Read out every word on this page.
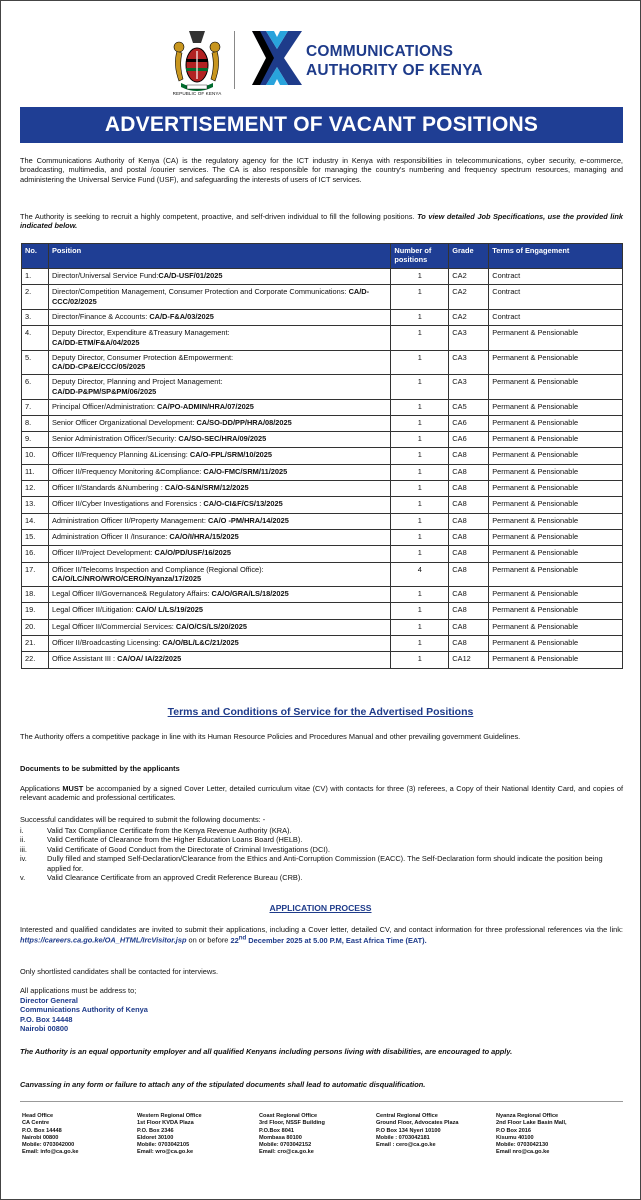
REPUBLIC OF KENYA
COMMUNICATIONS
AUTHORITY OF KENYA
ADVERTISEMENT OF VACANT POSITIONS
The Communications Authority of Kenya (CA) is the regulatory agency for the ICT industry in Kenya with responsibilities in telecommunications, cyber security, e-commerce, broadcasting, multimedia, and postal /courier services. The CA is also responsible for managing the country's numbering and frequency spectrum resources, managing and administering the Universal Service Fund (USF), and safeguarding the interests of users of ICT services.
The Authority is seeking to recruit a highly competent, proactive, and self-driven individual to fill the following positions. To view detailed Job Specifications, use the provided link indicated below.
No.	Position	Number of positions	Grade	Terms of Engagement
1.	Director/Universal Service Fund:CA/D-USF/01/2025	1	CA2	Contract
2.	Director/Competition Management, Consumer Protection and Corporate Communications: CA/D-CCC/02/2025	1	CA2	Contract
3.	Director/Finance & Accounts: CA/D-F&A/03/2025	1	CA2	Contract
4.	Deputy Director, Expenditure &Treasury Management:
CA/DD-ETM/F&A/04/2025	1	CA3	Permanent & Pensionable
5.	Deputy Director, Consumer Protection &Empowerment:
CA/DD-CP&E/CCC/05/2025	1	CA3	Permanent & Pensionable
6.	Deputy Director, Planning and Project Management:
CA/DD-P&PM/SP&PM/06/2025	1	CA3	Permanent & Pensionable
7.	Principal Officer/Administration: CA/PO-ADMIN/HRA/07/2025	1	CA5	Permanent & Pensionable
8.	Senior Officer Organizational Development: CA/SO-DD/PP/HRA/08/2025	1	CA6	Permanent & Pensionable
9.	Senior Administration Officer/Security: CA/SO-SEC/HRA/09/2025	1	CA6	Permanent & Pensionable
10.	Officer II/Frequency Planning &Licensing: CA/O-FPL/SRM/10/2025	1	CA8	Permanent & Pensionable
11.	Officer II/Frequency Monitoring &Compliance: CA/O-FMC/SRM/11/2025	1	CA8	Permanent & Pensionable
12.	Officer II/Standards &Numbering : CA/O-S&N/SRM/12/2025	1	CA8	Permanent & Pensionable
13.	Officer II/Cyber Investigations and Forensics : CA/O-CI&F/CS/13/2025	1	CA8	Permanent & Pensionable
14.	Administration Officer II/Property Management: CA/O -PM/HRA/14/2025	1	CA8	Permanent & Pensionable
15.	Administration Officer II /Insurance: CA/O/I/HRA/15/2025	1	CA8	Permanent & Pensionable
16.	Officer II/Project Development: CA/O/PD/USF/16/2025	1	CA8	Permanent & Pensionable
17.	Officer II/Telecoms Inspection and Compliance (Regional Office):
CA/O/LC/NRO/WRO/CERO/Nyanza/17/2025	4	CA8	Permanent & Pensionable
18.	Legal Officer II/Governance& Regulatory Affairs: CA/O/GRA/LS/18/2025	1	CA8	Permanent & Pensionable
19.	Legal Officer II/Litigation: CA/O/ L/LS/19/2025	1	CA8	Permanent & Pensionable
20.	Legal Officer II/Commercial Services: CA/O/CS/LS/20/2025	1	CA8	Permanent & Pensionable
21.	Officer II/Broadcasting Licensing: CA/O/BL/L&C/21/2025	1	CA8	Permanent & Pensionable
22.	Office Assistant III : CA/OA/ IA/22/2025	1	CA12	Permanent & Pensionable
Terms and Conditions of Service for the Advertised Positions
The Authority offers a competitive package in line with its Human Resource Policies and Procedures Manual and other prevailing government Guidelines.
Documents to be submitted by the applicants
Applications MUST be accompanied by a signed Cover Letter, detailed curriculum vitae (CV) with contacts for three (3) referees, a Copy of their National Identity Card, and copies of relevant academic and professional certificates.
Successful candidates will be required to submit the following documents: -
i.	Valid Tax Compliance Certificate from the Kenya Revenue Authority (KRA).
ii.	Valid Certificate of Clearance from the Higher Education Loans Board (HELB).
iii.	Valid Certificate of Good Conduct from the Directorate of Criminal Investigations (DCI).
iv.	Dully filled and stamped Self-Declaration/Clearance from the Ethics and Anti-Corruption Commission (EACC). The Self-Declaration form should indicate the position being applied for.
v.	Valid Clearance Certificate from an approved Credit Reference Bureau (CRB).
APPLICATION PROCESS
Interested and qualified candidates are invited to submit their applications, including a Cover letter, detailed CV, and contact information for three professional references via the link: https://careers.ca.go.ke/OA_HTML/IrcVisitor.jsp on or before 22nd December 2025 at 5.00 P.M, East Africa Time (EAT).
Only shortlisted candidates shall be contacted for interviews.
All applications must be address to;
Director General
Communications Authority of Kenya
P.O. Box 14448
Nairobi 00800
The Authority is an equal opportunity employer and all qualified Kenyans including persons living with disabilities, are encouraged to apply.
Canvassing in any form or failure to attach any of the stipulated documents shall lead to automatic disqualification.
Head Office
CA Centre
P.O. Box 14448
Nairobi 00800
Mobile: 0703042000
Email: info@ca.go.ke
Western Regional Office
1st Floor KVDA Plaza
P.O. Box 2346
Eldoret 30100
Mobile: 0703042105
Email: wro@ca.go.ke
Coast Regional Office
3rd Floor, NSSF Building
P.O.Box 8041
Mombasa 80100
Mobile: 0703042152
Email: cro@ca.go.ke
Central Regional Office
Ground Floor, Advocates Plaza
P.O Box 134 Nyeri 10100
Mobile : 0703042181
Email : cero@ca.go.ke
Nyanza Regional Office
2nd Floor Lake Basin Mall,
P.O Box 2016
Kisumu 40100
Mobile: 0703042130
Email nro@ca.go.ke
